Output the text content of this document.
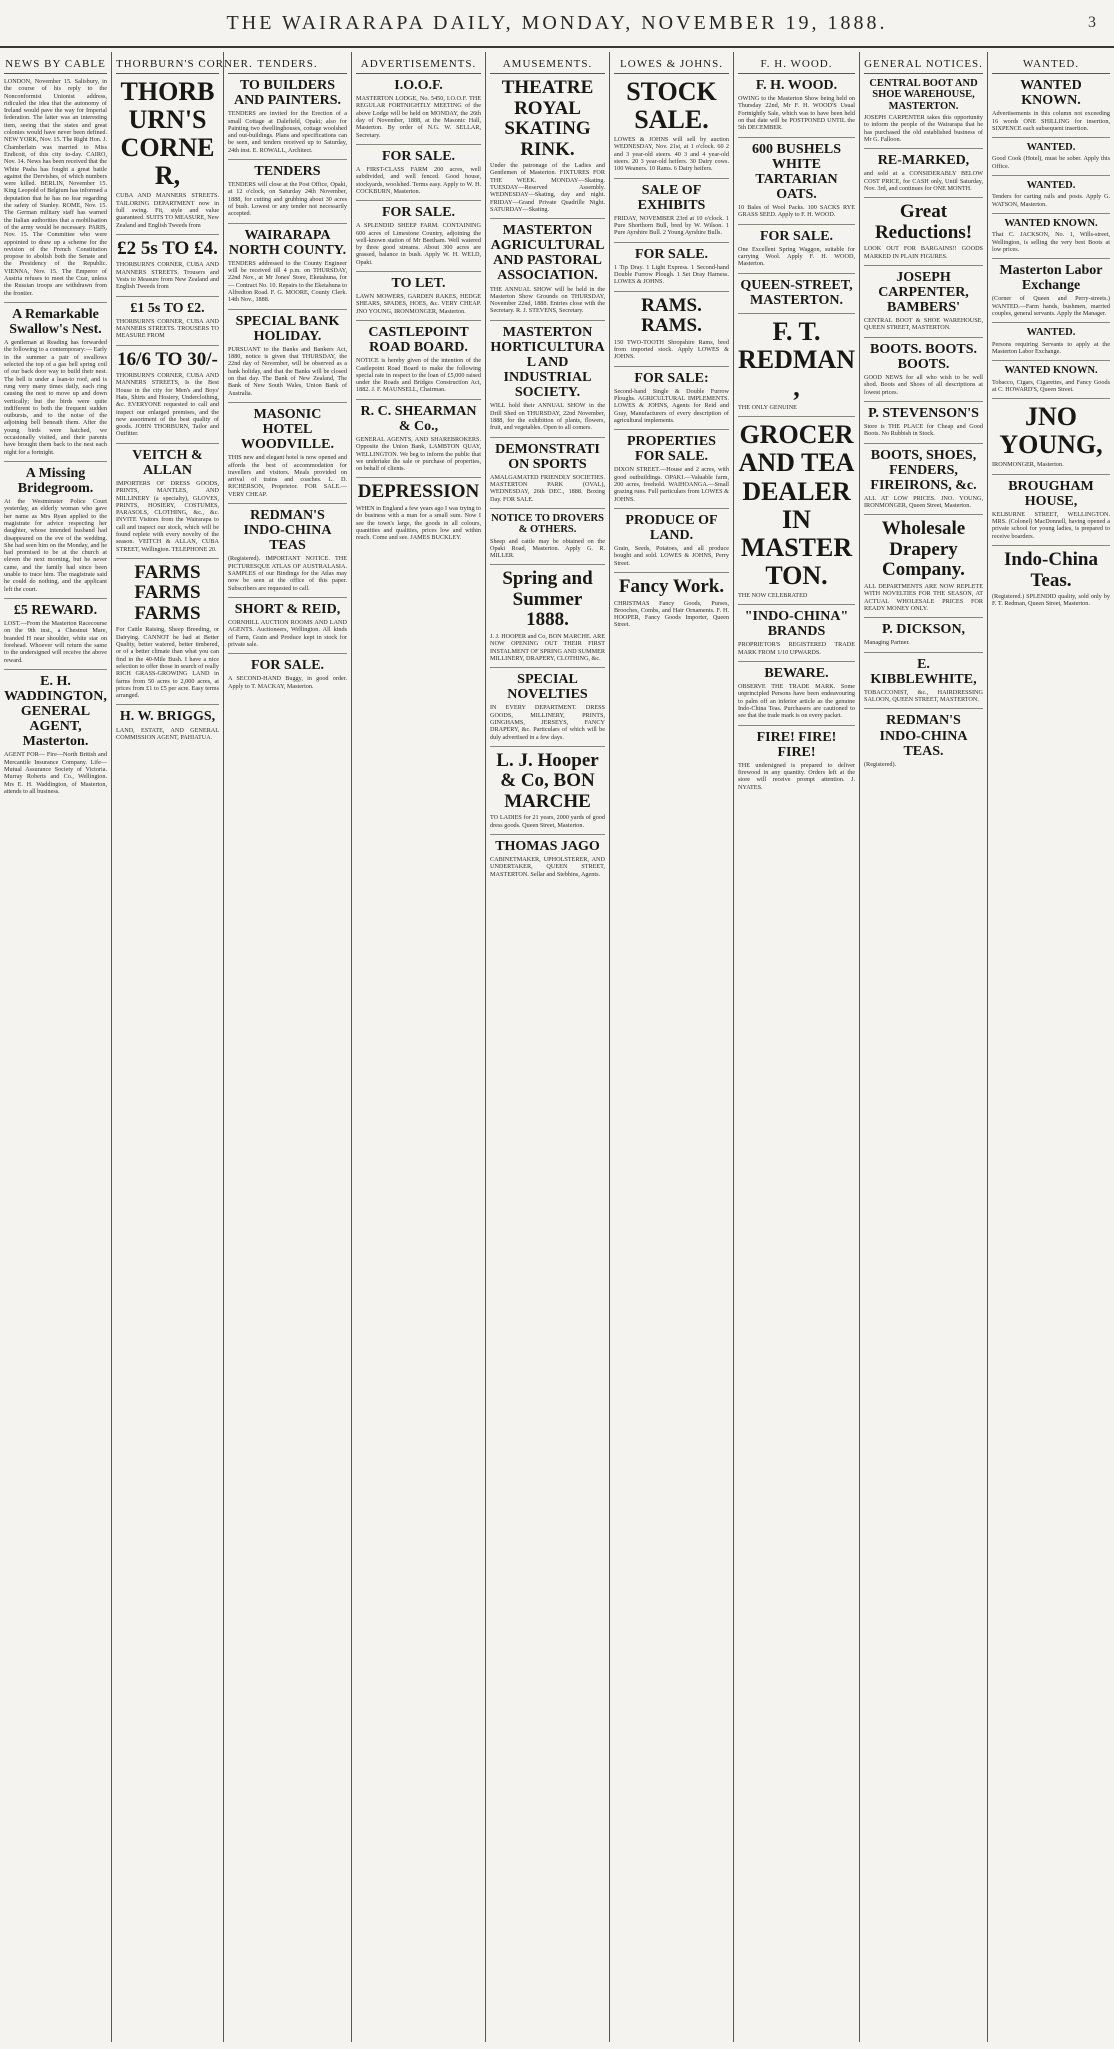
THE WAIRARAPA DAILY, MONDAY, NOVEMBER 19, 1888.	3
NEWS BY CABLE
LONDON, November 15. Salisbury, in the course of his reply to the Nonconformist Unionist address, ridiculed the idea that the autonomy of Ireland would pave the way for Imperial federation. The latter was an interesting item, seeing that the states and great colonies would have never been defined. NEW YORK, Nov. 15. The Right Hon. J. Chamberlain was married to Miss Endicott, of this city to-day. CAIRO, Nov. 14. News has been received that the White Pasha has fought a great battle against the Dervishes, of which numbers were killed. BERLIN, November 15. King Leopold of Belgium has informed a deputation that he has no fear regarding the safety of Stanley. ROME, Nov. 15. The German military staff has warned the Italian authorities that a mobilisation of the army would be necessary. PARIS, Nov. 15. The Committee who were appointed to draw up a scheme for the revision of the French Constitution propose to abolish both the Senate and the Presidency of the Republic. VIENNA, Nov. 15. The Emperor of Austria refuses to meet the Czar, unless the Russian troops are withdrawn from the frontier.
A Remarkable Swallow's Nest.
A gentleman at Reading has forwarded the following to a contemporary:— Early in the summer a pair of swallows selected the top of a gas bell spring coil of our back door way to build their nest. The bell is under a lean-to roof, and is rung very many times daily, each ring causing the nest to move up and down vertically; but the birds were quite indifferent to both the frequent sudden outbursts, and to the noise of the adjoining bell beneath them. After the young birds were hatched, we occasionally visited, and their parents have brought them back to the nest each night for a fortnight.
A Missing Bridegroom.
At the Westminster Police Court yesterday, an elderly woman who gave her name as Mrs Ryan applied to the magistrate for advice respecting her daughter, whose intended husband had disappeared on the eve of the wedding. She had seen him on the Monday, and he had promised to be at the church at eleven the next morning, but he never came, and the family had since been unable to trace him. The magistrate said he could do nothing, and the applicant left the court.
£5 REWARD.
LOST.—From the Masterton Racecourse on the 9th inst., a Chestnut Mare, branded H near shoulder, white star on forehead. Whoever will return the same to the undersigned will receive the above reward.
E. H. WADDINGTON, GENERAL AGENT, Masterton.
AGENT FOR— Fire—North British and Mercantile Insurance Company. Life—Mutual Assurance Society of Victoria. Murray Roberts and Co., Wellington. Mrs E. H. Waddington, of Masterton, attends to all business.
THORBURN'S CORNER.
THORBURN'S CORNER,
CUBA AND MANNERS STREETS. TAILORING DEPARTMENT now in full swing. Fit, style and value guaranteed. SUITS TO MEASURE, New Zealand and English Tweeds from
£2 5s TO £4.
THORBURN'S CORNER, CUBA AND MANNERS STREETS. Trousers and Vests to Measure from New Zealand and English Tweeds from
£1 5s TO £2.
THORBURN'S CORNER, CUBA AND MANNERS STREETS. TROUSERS TO MEASURE FROM
16/6 TO 30/-
THORBURN'S CORNER, CUBA AND MANNERS STREETS, Is the Best House in the city for Men's and Boys' Hats, Shirts and Hosiery, Underclothing, &c. EVERYONE requested to call and inspect our enlarged premises, and the new assortment of the best quality of goods. JOHN THORBURN, Tailor and Outfitter.
VEITCH & ALLAN
IMPORTERS OF DRESS GOODS, PRINTS, MANTLES, AND MILLINERY (a specialty), GLOVES, PRINTS, HOSIERY, COSTUMES, PARASOLS, CLOTHING, &c., &c. INVITE Visitors from the Wairarapa to call and inspect our stock, which will be found replete with every novelty of the season. VEITCH & ALLAN, CUBA STREET, Wellington. TELEPHONE 20.
FARMS FARMS FARMS
For Cattle Raising, Sheep Breeding, or Dairying. CANNOT be had at Better Quality, better watered, better timbered, or of a better climate than what you can find in the 40-Mile Bush. I have a nice selection to offer those in search of really RICH GRASS-GROWING LAND in farms from 50 acres to 2,000 acres, at prices from £1 to £5 per acre. Easy terms arranged.
H. W. BRIGGS,
LAND, ESTATE, AND GENERAL COMMISSION AGENT, PAHIATUA.
TENDERS.
TO BUILDERS AND PAINTERS.
TENDERS are invited for the Erection of a small Cottage at Dalefield, Opaki; also for Painting two dwellinghouses, cottage woolshed and out-buildings. Plans and specifications can be seen, and tenders received up to Saturday, 24th inst. E. ROWALL, Architect.
TENDERS
TENDERS will close at the Post Office, Opaki, at 12 o'clock, on Saturday 24th November, 1888, for cutting and grubbing about 30 acres of bush. Lowest or any tender not necessarily accepted.
WAIRARAPA NORTH COUNTY.
TENDERS addressed to the County Engineer will be received till 4 p.m. on THURSDAY, 22nd Nov., at Mr Jones' Store, Eketahuna, for— Contract No. 10. Repairs to the Eketahuna to Alfredton Road. F. G. MOORE, County Clerk. 14th Nov., 1888.
SPECIAL BANK HOLIDAY.
PURSUANT to the Banks and Bankers Act, 1880, notice is given that THURSDAY, the 22nd day of November, will be observed as a bank holiday, and that the Banks will be closed on that day. The Bank of New Zealand, The Bank of New South Wales, Union Bank of Australia.
MASONIC HOTEL WOODVILLE.
THIS new and elegant hotel is now opened and affords the best of accommodation for travellers and visitors. Meals provided on arrival of trains and coaches. L. D. RICHERSON, Proprietor. FOR SALE.—VERY CHEAP.
REDMAN'S INDO-CHINA TEAS
(Registered). IMPORTANT NOTICE. THE PICTURESQUE ATLAS OF AUSTRALASIA. SAMPLES of our Bindings for the Atlas may now be seen at the office of this paper. Subscribers are requested to call.
SHORT & REID,
CORNHILL AUCTION ROOMS AND LAND AGENTS. Auctioneers, Wellington. All kinds of Farm, Grain and Produce kept in stock for private sale.
FOR SALE.
A SECOND-HAND Buggy, in good order. Apply to T. MACKAY, Masterton.
ADVERTISEMENTS.
I.O.O.F.
MASTERTON LODGE, No. 5450, I.O.O.F. THE REGULAR FORTNIGHTLY MEETING of the above Lodge will be held on MONDAY, the 26th day of November, 1888, at the Masonic Hall, Masterton. By order of N.G. W. SELLAR, Secretary.
FOR SALE.
A FIRST-CLASS FARM 200 acres, well subdivided, and well fenced. Good house, stockyards, woolshed. Terms easy. Apply to W. H. COCKBURN, Masterton.
FOR SALE.
A SPLENDID SHEEP FARM. CONTAINING 600 acres of Limestone Country, adjoining the well-known station of Mr Beetham. Well watered by three good streams. About 300 acres are grassed, balance in bush. Apply W. H. WELD, Opaki.
TO LET.
LAWN MOWERS, GARDEN RAKES, HEDGE SHEARS, SPADES, HOES, &c. VERY CHEAP. JNO YOUNG, IRONMONGER, Masterton.
CASTLEPOINT ROAD BOARD.
NOTICE is hereby given of the intention of the Castlepoint Road Board to make the following special rate in respect to the loan of £5,000 raised under the Roads and Bridges Construction Act, 1882. J. F. MAUNSELL, Chairman.
R. C. SHEARMAN & Co.,
GENERAL AGENTS, AND SHAREBROKERS. Opposite the Union Bank, LAMBTON QUAY, WELLINGTON. We beg to inform the public that we undertake the sale or purchase of properties, on behalf of clients.
DEPRESSION
WHEN in England a few years ago I was trying to do business with a man for a small sum. Now I see the town's large, the goods in all colours, quantities and qualities, prices low and within reach. Come and see. JAMES BUCKLEY.
AMUSEMENTS.
THEATRE ROYAL SKATING RINK.
Under the patronage of the Ladies and Gentlemen of Masterton. FIXTURES FOR THE WEEK. MONDAY—Skating. TUESDAY—Reserved Assembly. WEDNESDAY—Skating, day and night. FRIDAY—Grand Private Quadrille Night. SATURDAY—Skating.
MASTERTON AGRICULTURAL AND PASTORAL ASSOCIATION.
THE ANNUAL SHOW will be held in the Masterton Show Grounds on THURSDAY, November 22nd, 1888. Entries close with the Secretary. R. J. STEVENS, Secretary.
MASTERTON HORTICULTURAL AND INDUSTRIAL SOCIETY.
WILL hold their ANNUAL SHOW in the Drill Shed on THURSDAY, 22nd November, 1888, for the exhibition of plants, flowers, fruit, and vegetables. Open to all comers.
DEMONSTRATION SPORTS
AMALGAMATED FRIENDLY SOCIETIES. MASTERTON PARK (OVAL), WEDNESDAY, 26th DEC., 1888. Boxing Day. FOR SALE.
NOTICE TO DROVERS & OTHERS.
Sheep and cattle may be obtained on the Opaki Road, Masterton. Apply G. R. MILLER.
Spring and Summer 1888.
J. J. HOOPER and Co, BON MARCHE. ARE NOW OPENING OUT THEIR FIRST INSTALMENT OF SPRING AND SUMMER MILLINERY, DRAPERY, CLOTHING, &c.
SPECIAL NOVELTIES
IN EVERY DEPARTMENT. DRESS GOODS, MILLINERY, PRINTS, GINGHAMS, JERSEYS, FANCY DRAPERY, &c. Particulars of which will be duly advertised in a few days.
L. J. Hooper & Co, BON MARCHE
TO LADIES for 21 years, 2000 yards of good dress goods. Queen Street, Masterton.
THOMAS JAGO
CABINETMAKER, UPHOLSTERER, AND UNDERTAKER, QUEEN STREET, MASTERTON. Sellar and Stebbins, Agents.
LOWES & JOHNS.
STOCK SALE.
LOWES & JOHNS will sell by auction WEDNESDAY, Nov. 21st, at 1 o'clock. 60 2 and 3 year-old steers. 40 3 and 4 year-old steers. 20 3 year-old heifers. 30 Dairy cows. 100 Weaners. 10 Rams. 6 Dairy heifers.
SALE OF EXHIBITS
FRIDAY, NOVEMBER 23rd at 10 o'clock. 1 Pure Shorthorn Bull, bred by W. Wilson. 1 Pure Ayrshire Bull. 2 Young Ayrshire Bulls.
FOR SALE.
1 Tip Dray. 1 Light Express. 1 Second-hand Double Furrow Plough. 1 Set Dray Harness. LOWES & JOHNS.
RAMS. RAMS.
150 TWO-TOOTH Shropshire Rams, bred from imported stock. Apply LOWES & JOHNS.
FOR SALE:
Second-hand Single & Double Furrow Ploughs. AGRICULTURAL IMPLEMENTS. LOWES & JOHNS, Agents for Reid and Gray, Manufacturers of every description of agricultural implements.
PROPERTIES FOR SALE.
DIXON STREET.—House and 2 acres, with good outbuildings. OPAKI.—Valuable farm, 200 acres, freehold. WAIHOANGA.—Small grazing runs. Full particulars from LOWES & JOHNS.
PRODUCE OF LAND.
Grain, Seeds, Potatoes, and all produce bought and sold. LOWES & JOHNS, Perry Street.
Fancy Work.
CHRISTMAS Fancy Goods, Purses, Brooches, Combs, and Hair Ornaments. F. H. HOOPER, Fancy Goods Importer, Queen Street.
F. H. WOOD.
F. H. WOOD.
OWING to the Masterton Show being held on Thursday 22nd, Mr F. H. WOOD'S Usual Fortnightly Sale, which was to have been held on that date will be POSTPONED UNTIL the 5th DECEMBER.
600 BUSHELS WHITE TARTARIAN OATS.
10 Bales of Wool Packs. 100 SACKS RYE GRASS SEED. Apply to F. H. WOOD.
FOR SALE.
One Excellent Spring Waggon, suitable for carrying Wool. Apply F. H. WOOD, Masterton.
QUEEN-STREET, MASTERTON.
F. T. REDMAN,
THE ONLY GENUINE
GROCER AND TEA DEALER IN MASTERTON.
THE NOW CELEBRATED
"INDO-CHINA" BRANDS
PROPRIETOR'S REGISTERED TRADE MARK FROM 1/10 UPWARDS.
BEWARE.
OBSERVE THE TRADE MARK. Some unprincipled Persons have been endeavouring to palm off an inferior article as the genuine Indo-China Teas. Purchasers are cautioned to see that the trade mark is on every packet.
FIRE! FIRE! FIRE!
THE undersigned is prepared to deliver firewood in any quantity. Orders left at the store will receive prompt attention. J. NYATES.
GENERAL NOTICES.
CENTRAL BOOT AND SHOE WAREHOUSE, MASTERTON.
JOSEPH CARPENTER takes this opportunity to inform the people of the Wairarapa that he has purchased the old established business of Mr G. Falloon.
RE-MARKED,
and sold at a CONSIDERABLY BELOW COST PRICE, for CASH only, Until Saturday, Nov. 3rd, and continues for ONE MONTH.
Great Reductions!
LOOK OUT FOR BARGAINS!! GOODS MARKED IN PLAIN FIGURES.
JOSEPH CARPENTER, BAMBERS'
CENTRAL BOOT & SHOE WAREHOUSE, QUEEN STREET, MASTERTON.
BOOTS. BOOTS. BOOTS.
GOOD NEWS for all who wish to be well shod. Boots and Shoes of all descriptions at lowest prices.
P. STEVENSON'S
Store is THE PLACE for Cheap and Good Boots. No Rubbish in Stock.
BOOTS, SHOES, FENDERS, FIREIRONS, &c.
ALL AT LOW PRICES. JNO. YOUNG, IRONMONGER, Queen Street, Masterton.
Wholesale Drapery Company.
ALL DEPARTMENTS ARE NOW REPLETE WITH NOVELTIES FOR THE SEASON, AT ACTUAL WHOLESALE PRICES FOR READY MONEY ONLY.
P. DICKSON,
Managing Partner.
E. KIBBLEWHITE,
TOBACCONIST, &c., HAIRDRESSING SALOON, QUEEN STREET, MASTERTON.
REDMAN'S INDO-CHINA TEAS.
(Registered).
WANTED.
WANTED KNOWN.
Advertisements in this column not exceeding 16 words ONE SHILLING for insertion, SIXPENCE each subsequent insertion.
WANTED.
Good Cook (Hotel), must be sober. Apply this Office.
WANTED.
Tenders for carting rails and posts. Apply G. WATSON, Masterton.
WANTED KNOWN.
That C. JACKSON, No. 1, Wills-street, Wellington, is selling the very best Boots at low prices.
Masterton Labor Exchange
(Corner of Queen and Perry-streets.) WANTED.—Farm hands, bushmen, married couples, general servants. Apply the Manager.
WANTED.
Persons requiring Servants to apply at the Masterton Labor Exchange.
WANTED KNOWN.
Tobacco, Cigars, Cigarettes, and Fancy Goods at C. HOWARD'S, Queen Street.
JNO YOUNG,
IRONMONGER, Masterton.
BROUGHAM HOUSE,
KELBURNE STREET, WELLINGTON. MRS. (Colonel) MacDonnell, having opened a private school for young ladies, is prepared to receive boarders.
Indo-China Teas.
(Registered.) SPLENDID quality, sold only by F. T. Redman, Queen Street, Masterton.
